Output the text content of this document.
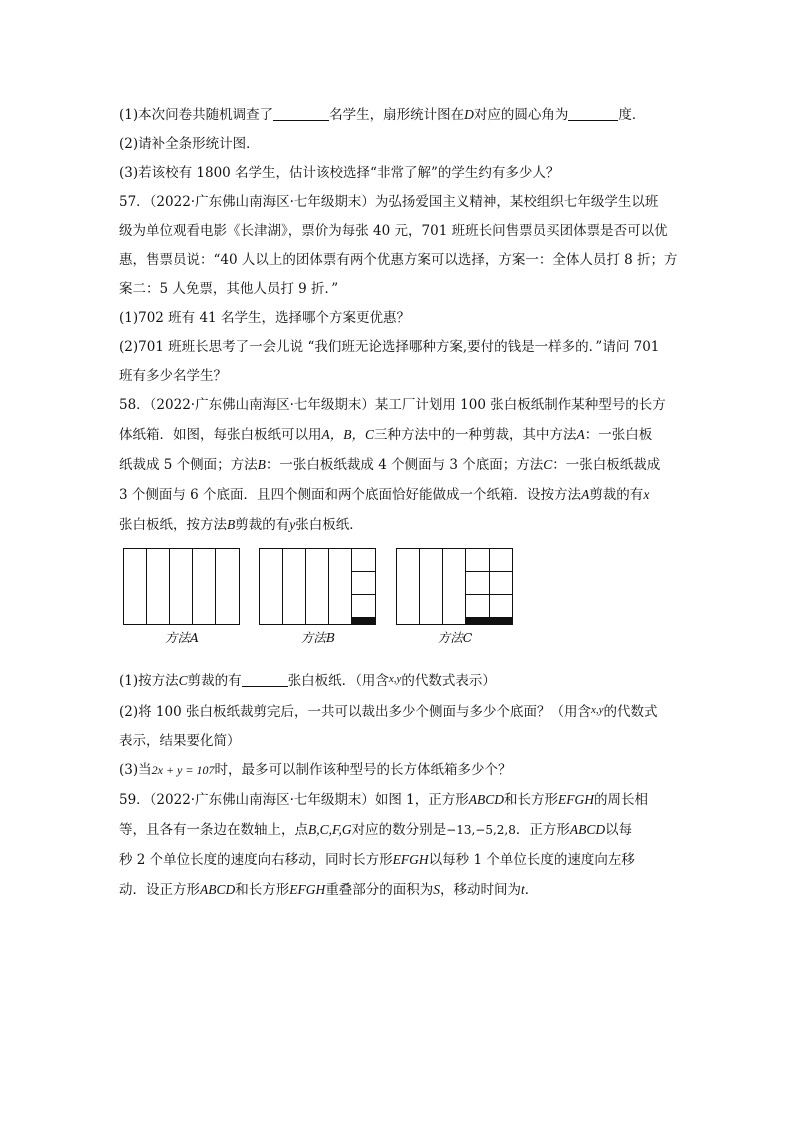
(1)本次问卷共随机调查了	名学生，扇形统计图在D对应的圆心角为	度．
(2)请补全条形统计图．
(3)若该校有 1800 名学生，估计该校选择“非常了解”的学生约有多少人？
57．（2022·广东佛山南海区·七年级期末）为弘扬爱国主义精神，某校组织七年级学生以班
级为单位观看电影《长津湖》，票价为每张 40 元，701 班班长问售票员买团体票是否可以优
惠，售票员说：“40 人以上的团体票有两个优惠方案可以选择，方案一：全体人员打 8 折；方
案二：5 人免票，其他人员打 9 折．”
(1)702 班有 41 名学生，选择哪个方案更优惠？
(2)701 班班长思考了一会儿说 “我们班无论选择哪种方案,要付的钱是一样多的．”请问 701
班有多少名学生？
58．（2022·广东佛山南海区·七年级期末）某工厂计划用 100 张白板纸制作某种型号的长方
体纸箱．如图，每张白板纸可以用A，B，C三种方法中的一种剪裁，其中方法A：一张白板
纸裁成 5 个侧面；方法B：一张白板纸裁成 4 个侧面与 3 个底面；方法C：一张白板纸裁成
3 个侧面与 6 个底面．且四个侧面和两个底面恰好能做成一个纸箱．设按方法A剪裁的有x
张白板纸，按方法B剪裁的有y张白板纸．
方法A	方法B	方法C
(1)按方法C剪裁的有	张白板纸．（用含$^{x,y}$的代数式表示）
(2)将 100 张白板纸裁剪完后，一共可以裁出多少个侧面与多少个底面？（用含$^{x,y}$的代数式
表示，结果要化简）
(3)当2x + y = 107时，最多可以制作该种型号的长方体纸箱多少个？
59．（2022·广东佛山南海区·七年级期末）如图 1，正方形ABCD和长方形EFGH的周长相
等，且各有一条边在数轴上，点B,C,F,G对应的数分别是−13,−5,2,8．正方形ABCD以每
秒 2 个单位长度的速度向右移动，同时长方形EFGH以每秒 1 个单位长度的速度向左移
动．设正方形ABCD和长方形EFGH重叠部分的面积为S，移动时间为t．
